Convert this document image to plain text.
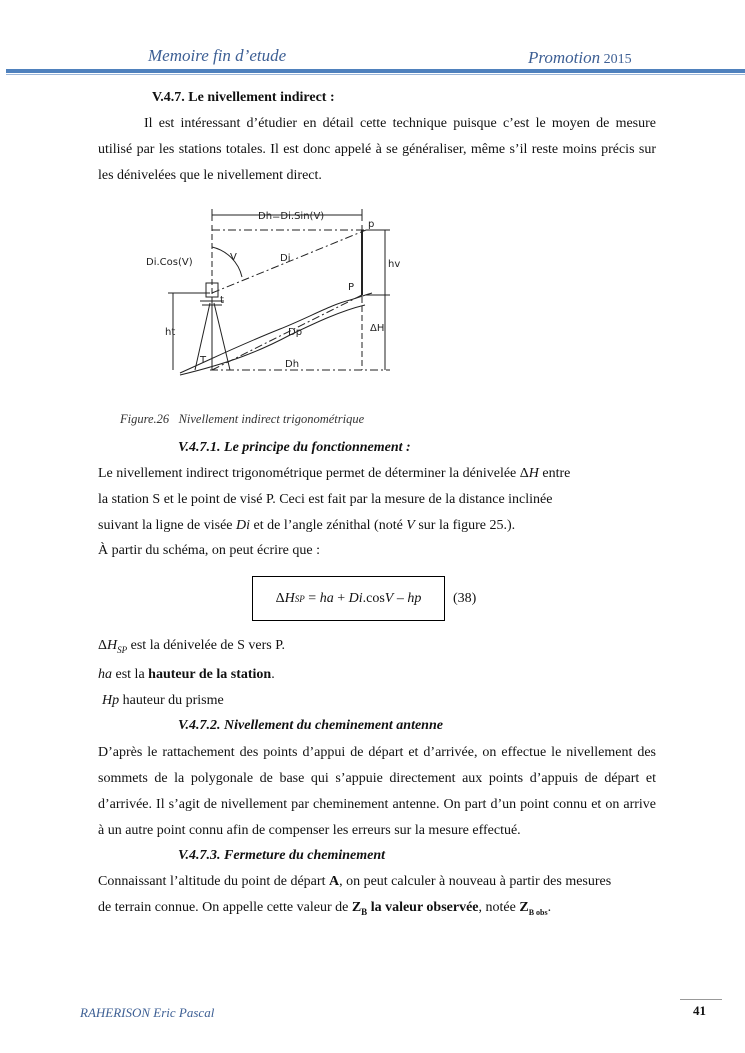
Memoire fin d’etude	Promotion 2015
V.4.7. Le nivellement indirect :
Il est intéressant d’étudier en détail cette technique puisque c’est le moyen de mesure utilisé par les stations totales. Il est donc appelé à se généraliser, même s’il reste moins précis sur les dénivelées que le nivellement direct.
Dh=Di.Sin(V)
Di.Cos(V)	V	Di
p
P
hv
t
ht	Dp	ΔH
T	Dh
Figure.26 Nivellement indirect trigonométrique
V.4.7.1. Le principe du fonctionnement :
Le nivellement indirect trigonométrique permet de déterminer la dénivelée ΔH entre
la station S et le point de visé P. Ceci est fait par la mesure de la distance inclinée
suivant la ligne de visée Di et de l’angle zénithal (noté V sur la figure 25.).
À partir du schéma, on peut écrire que :
Δ H SP = ha + Di .cos V – hp (38)
$\Delta H_{SP}$ est la dénivelée de S vers P.
ha est la hauteur de la station.
Hp hauteur du prisme
V.4.7.2. Nivellement du cheminement antenne
D’après le rattachement des points d’appui de départ et d’arrivée, on effectue le nivellement des sommets de la polygonale de base qui s’appuie directement aux points d’appuis de départ et d’arrivée. Il s’agit de nivellement par cheminement antenne. On part d’un point connu et on arrive à un autre point connu afin de compenser les erreurs sur la mesure effectué.
V.4.7.3. Fermeture du cheminement
Connaissant l’altitude du point de départ A, on peut calculer à nouveau à partir des mesures
de terrain connue. On appelle cette valeur de $Z_B$ la valeur observée, notée $Z_{B obs}$.
RAHERISON Eric Pascal	41
